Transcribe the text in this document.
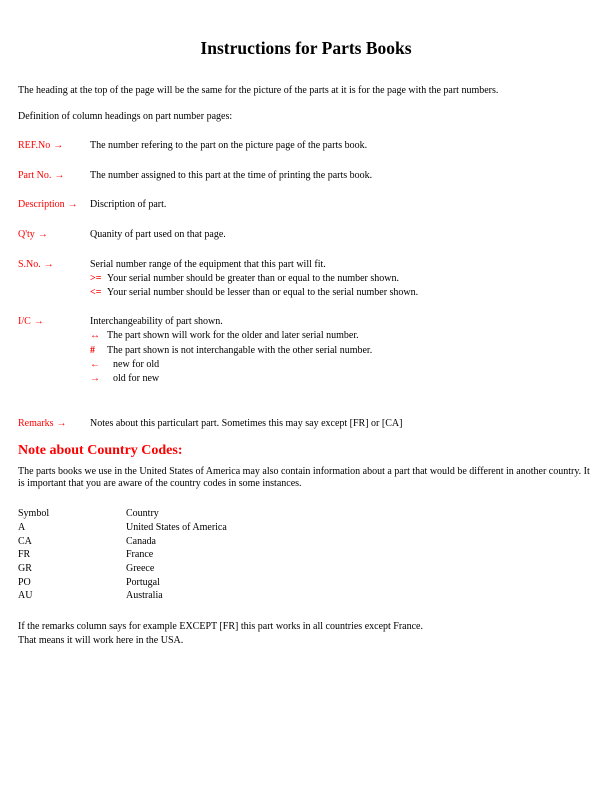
Instructions for Parts Books

The heading at the top of the page will be the same for the picture of the parts at it is for the page with the part numbers.

Definition of column headings on part number pages:

REF.No →	The number refering to the part on the picture page of the parts book.
Part No. →	The number assigned to this part at the time of printing the parts book.
Description →	Discription of part.
Q'ty →	Quanity of part used on that page.
S.No. →	Serial number range of the equipment that this part will fit.
>= Your serial number should be greater than or equal to the number shown.
<= Your serial number should be lesser than or equal to the serial number shown.
I/C →	Interchangeability of part shown.
↔ The part shown will work for the older and later serial number.
#	The part shown is not interchangable with the other serial number.
←	new for old
→	old for new
Remarks →	Notes about this particulart part. Sometimes this may say except [FR] or [CA]
Note about Country Codes:

The parts books we use in the United States of America may also contain information about a part that would be different in another country. It is important that you are aware of the country codes in some instances.

Symbol	Country
A	United States of America
CA	Canada
FR	France
GR	Greece
PO	Portugal
AU	Australia
If the remarks column says for example EXCEPT [FR] this part works in all countries except France.
That means it will work here in the USA.
